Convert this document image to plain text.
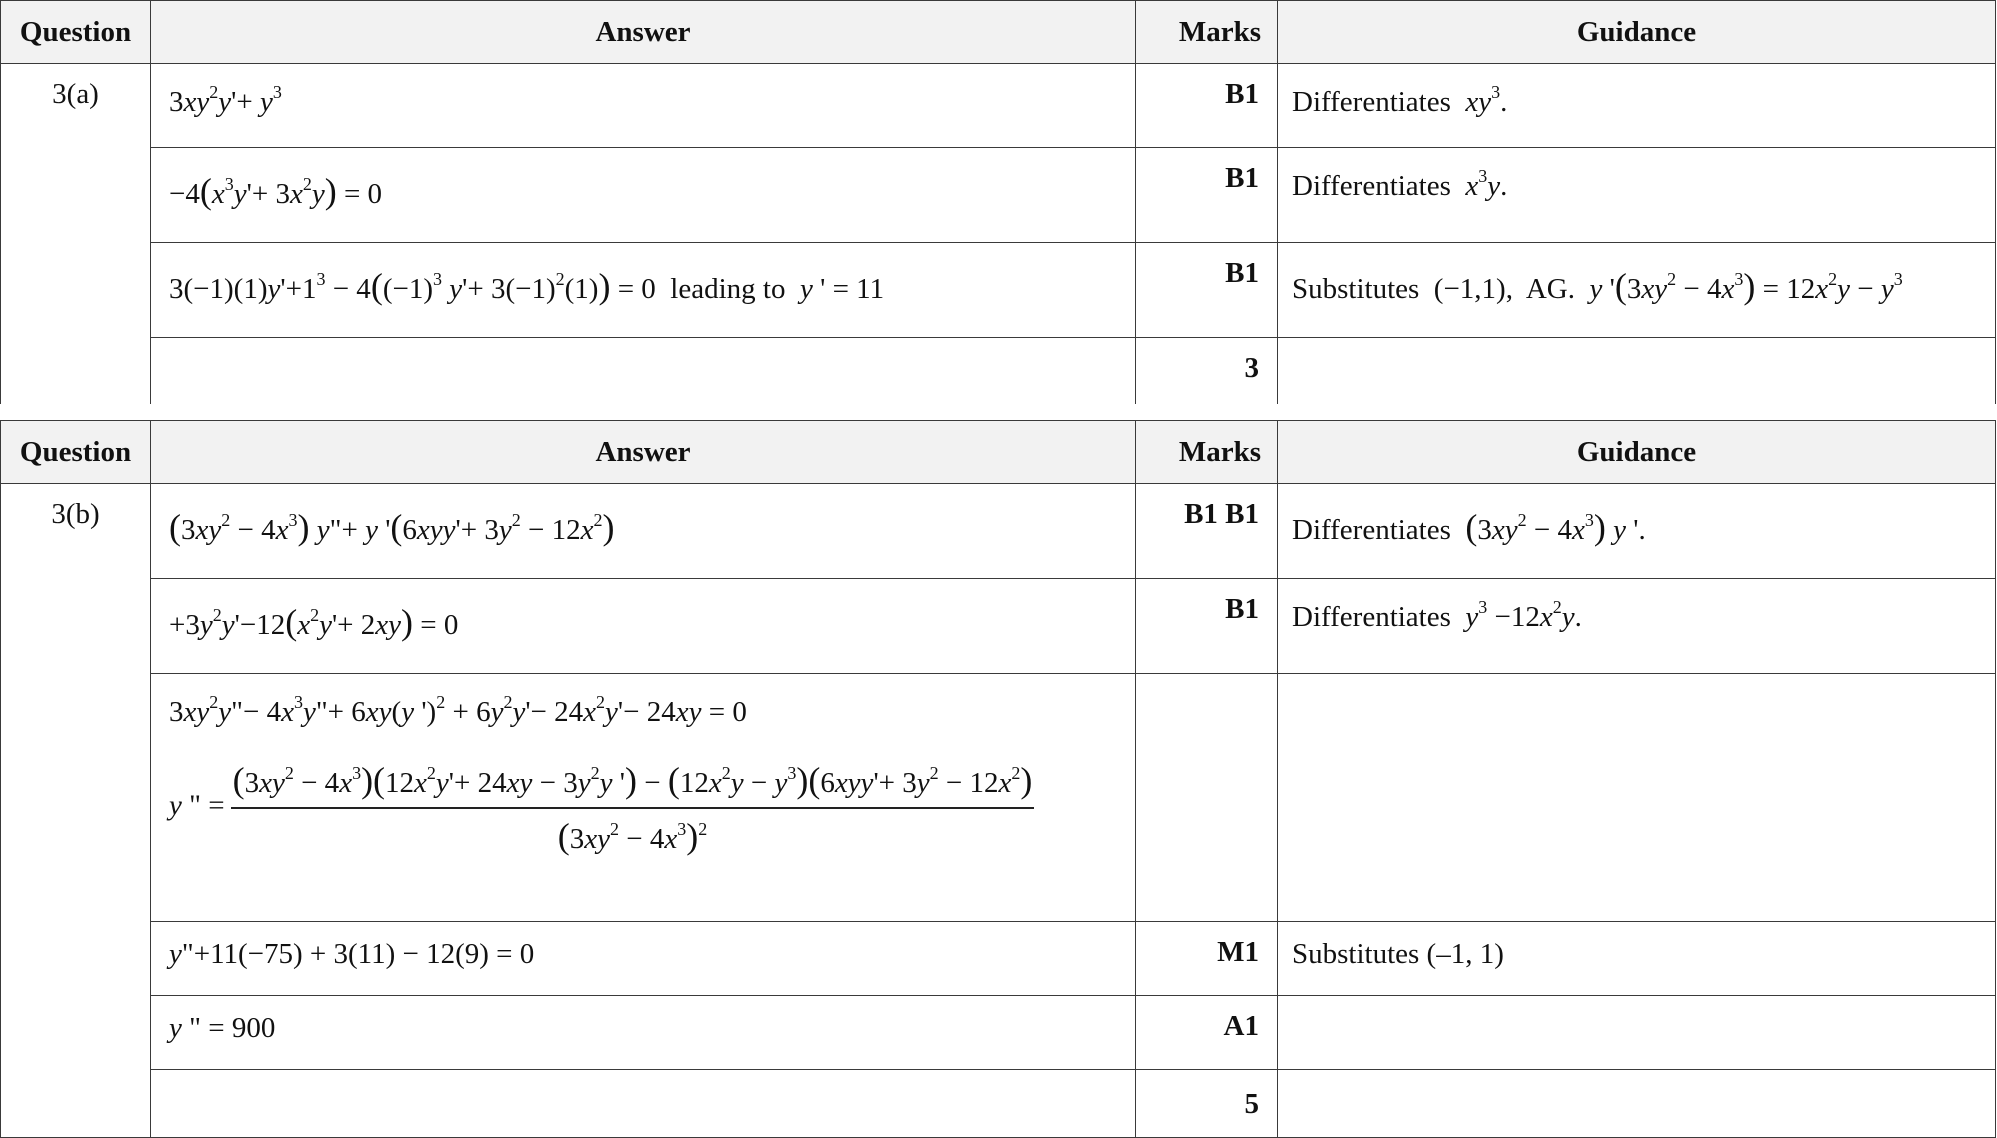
Question	Answer	Marks	Guidance
3(a)	$3xy^2y'+ y^3$	B1	Differentiates  $xy^3$.
	$-4(x^3y'+ 3x^2y) = 0$	B1	Differentiates  $x^3y$.
	$3(-1)(1)y'+1^3 - 4((-1)^3$ $y'+ 3(-1)^2(1)) = 0$  leading to  y ' = 11	B1	Substitutes  (−1,1),  AG.  y '$(3xy^2 - 4x^3) = 12x^2y - y^3$
		3	
Question	Answer	Marks	Guidance
3(b)	$(3xy^2 - 4x^3)$ y"+ y '$(6xyy'+ 3y^2 - 12x^2)$	B1 B1	Differentiates  $(3xy^2 - 4x^3)$ y '.
	$+3y^2y'-12(x^2y'+ 2xy) = 0$	B1	Differentiates  $y^3 -12x^2y$.

	$3xy^2y"-$ $4x^3y"+ 6xy(y$ ')$^2 + 6y^2y'- 24x^2y'- 24xy = 0$
y " =
$(3xy^2 - 4x^3)(12x^2y'+ 24xy - 3y^2y$ ') − $(12x^2y - y^3)(6xyy'+ 3y^2 - 12x^2)$
$(3xy^2 - 4x^3)^2$

	y"+11(−75) + 3(11) − 12(9) = 0	M1	Substitutes (–1, 1)
	y " = 900	A1	
		5	
